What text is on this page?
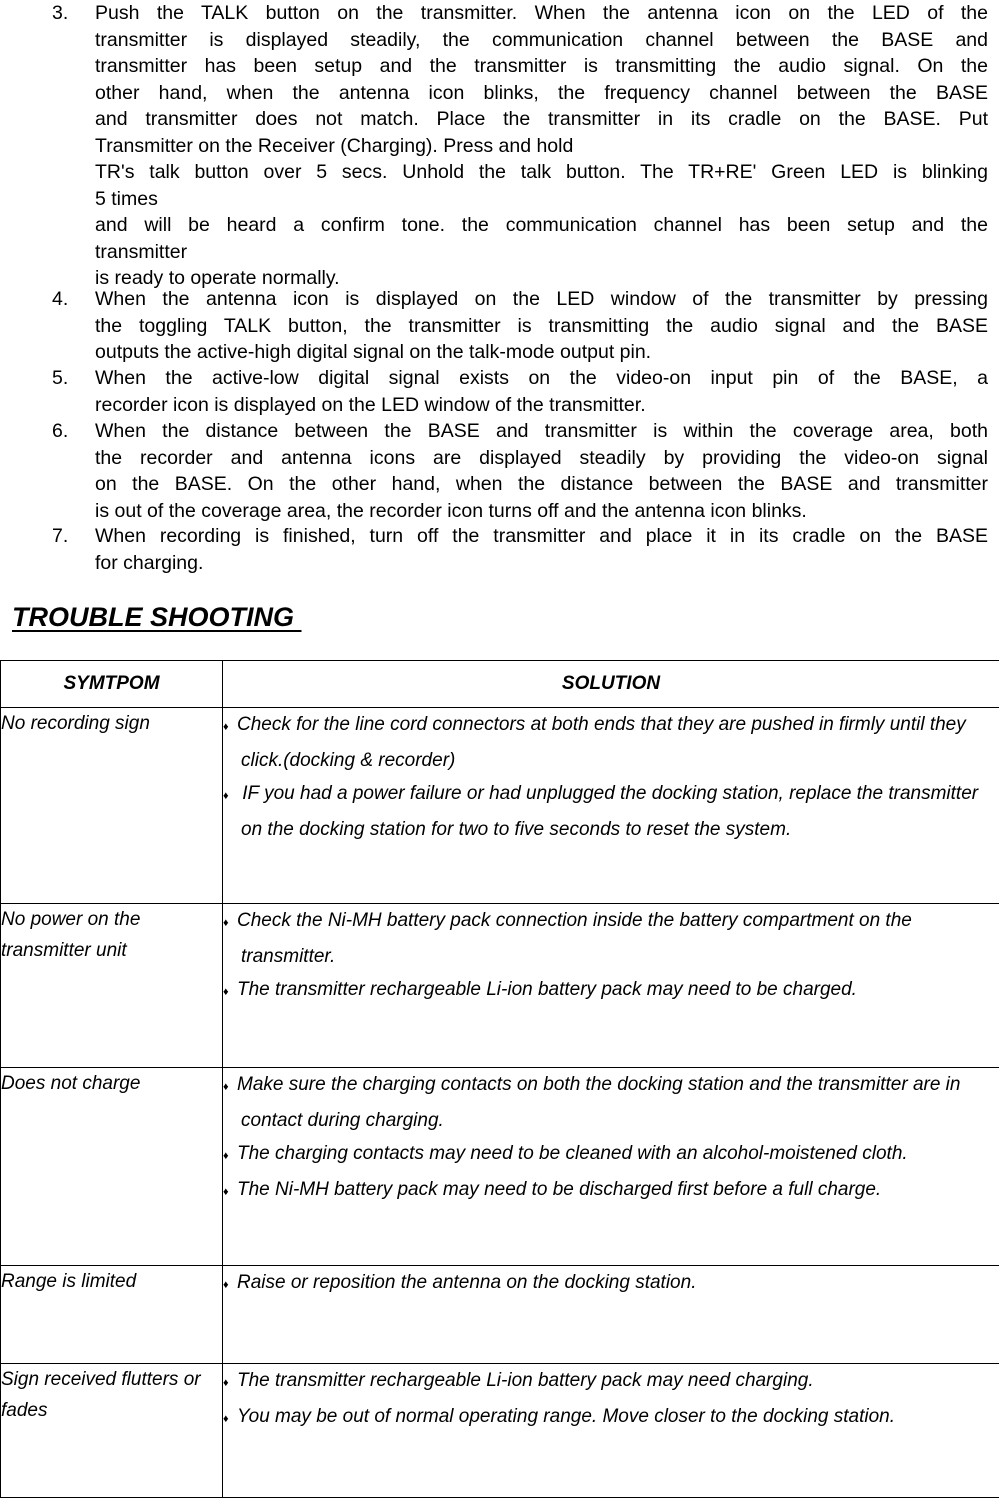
3. Push the TALK button on the transmitter. When the antenna icon on the LED of the
transmitter is displayed steadily, the communication channel between the BASE and
transmitter has been setup and the transmitter is transmitting the audio signal. On the
other hand, when the antenna icon blinks, the frequency channel between the BASE
and transmitter does not match. Place the transmitter in its cradle on the BASE. Put
Transmitter on the Receiver (Charging). Press and hold
TR's talk button over 5 secs. Unhold the talk button. The TR+RE' Green LED is blinking
5 times
and will be heard a confirm tone. the communication channel has been setup and the
transmitter
is ready to operate normally.
4. When the antenna icon is displayed on the LED window of the transmitter by pressing
the toggling TALK button, the transmitter is transmitting the audio signal and the BASE
outputs the active-high digital signal on the talk-mode output pin.
5. When the active-low digital signal exists on the video-on input pin of the BASE, a
recorder icon is displayed on the LED window of the transmitter.
6. When the distance between the BASE and transmitter is within the coverage area, both
the recorder and antenna icons are displayed steadily by providing the video-on signal
on the BASE. On the other hand, when the distance between the BASE and transmitter
is out of the coverage area, the recorder icon turns off and the antenna icon blinks.
7. When recording is finished, turn off the transmitter and place it in its cradle on the BASE
for charging.
TROUBLE SHOOTING
SYMTPOM	SOLUTION
No recording sign	♦ Check for the line cord connectors at both ends that they are pushed in firmly until they click.(docking & recorder)
♦ IF you had a power failure or had unplugged the docking station, replace the transmitter on the docking station for two to five seconds to reset the system.

No power on the transmitter unit	♦ Check the Ni-MH battery pack connection inside the battery compartment on the transmitter.
♦ The transmitter rechargeable Li-ion battery pack may need to be charged.

Does not charge	♦ Make sure the charging contacts on both the docking station and the transmitter are in contact during charging.
♦ The charging contacts may need to be cleaned with an alcohol-moistened cloth.
♦ The Ni-MH battery pack may need to be discharged first before a full charge.

Range is limited	♦ Raise or reposition the antenna on the docking station.

Sign received flutters or fades	♦ The transmitter rechargeable Li-ion battery pack may need charging.
♦ You may be out of normal operating range. Move closer to the docking station.
